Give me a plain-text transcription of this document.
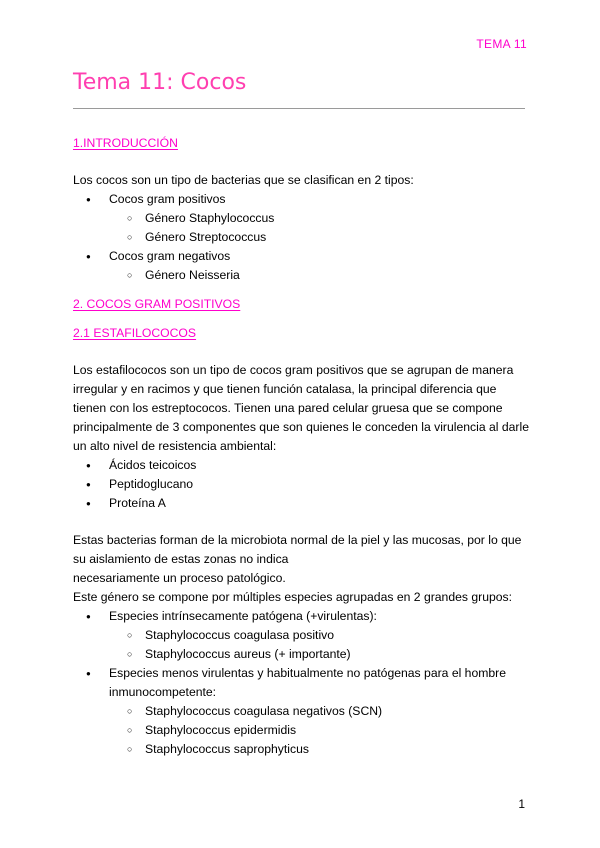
TEMA 11
Tema 11: Cocos
1.INTRODUCCIÓN

Los cocos son un tipo de bacterias que se clasifican en 2 tipos:

● Cocos gram positivos
○ Género Staphylococcus
○ Género Streptococcus
● Cocos gram negativos
○ Género Neisseria
2. COCOS GRAM POSITIVOS
2.1 ESTAFILOCOCOS

Los estafilococos son un tipo de cocos gram positivos que se agrupan de manera

irregular y en racimos y que tienen función catalasa, la principal diferencia que

tienen con los estreptococos. Tienen una pared celular gruesa que se compone

principalmente de 3 componentes que son quienes le conceden la virulencia al darle

un alto nivel de resistencia ambiental:

● Ácidos teicoicos
● Peptidoglucano
● Proteína A

Estas bacterias forman de la microbiota normal de la piel y las mucosas, por lo que

su aislamiento de estas zonas no indica

necesariamente un proceso patológico.

Este género se compone por múltiples especies agrupadas en 2 grandes grupos:

● Especies intrínsecamente patógena (+virulentas):
○ Staphylococcus coagulasa positivo
○ Staphylococcus aureus (+ importante)
● Especies menos virulentas y habitualmente no patógenas para el hombre
inmunocompetente:
○ Staphylococcus coagulasa negativos (SCN)
○ Staphylococcus epidermidis
○ Staphylococcus saprophyticus
1
